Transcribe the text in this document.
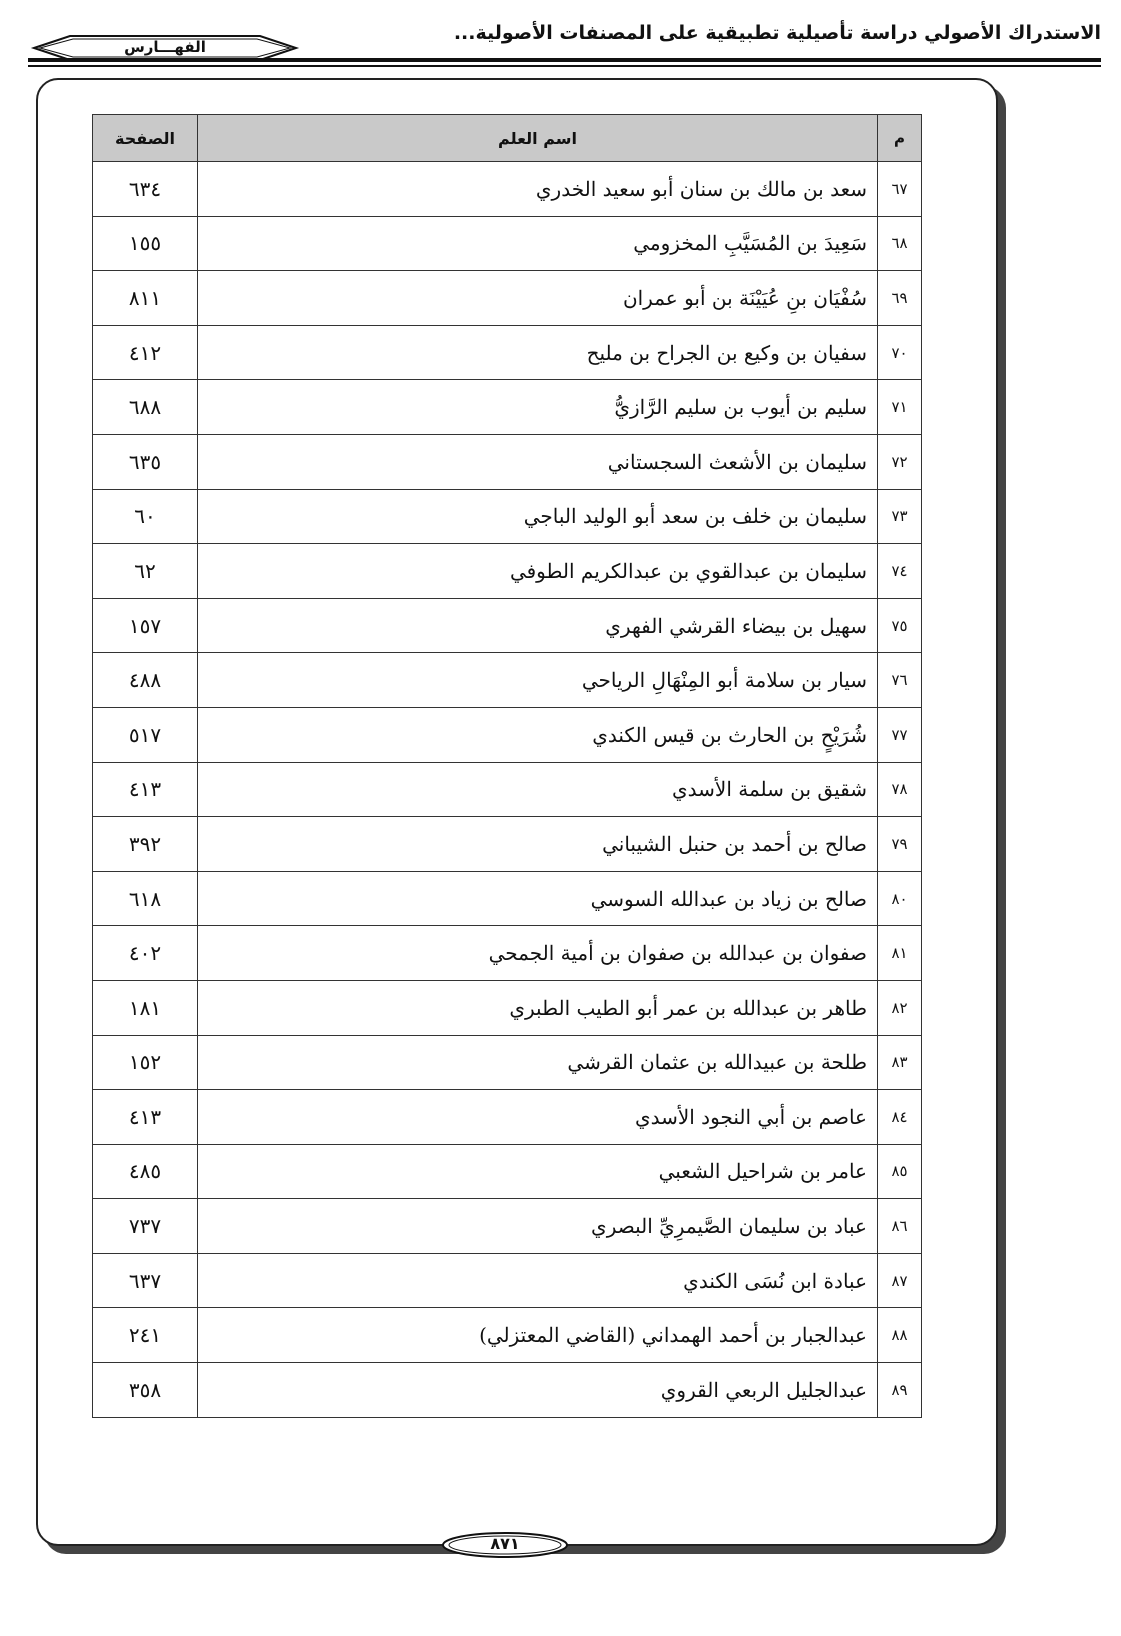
الاستدراك الأصولي دراسة تأصيلية تطبيقية على المصنفات الأصولية...
الفهـــارس
م	اسم العلم	الصفحة
٦٧	سعد بن مالك بن سنان أبو سعيد الخدري	٦٣٤
٦٨	سَعِيدَ بن المُسَيَّبِ المخزومي	١٥٥
٦٩	سُفْيَان بنِ عُيَيْنَة بن أبو عمران	٨١١
٧٠	سفيان بن وكيع بن الجراح بن مليح	٤١٢
٧١	سليم بن أيوب بن سليم الرَّازيُّ	٦٨٨
٧٢	سليمان بن الأشعث السجستاني	٦٣٥
٧٣	سليمان بن خلف بن سعد أبو الوليد الباجي	٦٠
٧٤	سليمان بن عبدالقوي بن عبدالكريم الطوفي	٦٢
٧٥	سهيل بن بيضاء القرشي الفهري	١٥٧
٧٦	سيار بن سلامة أبو المِنْهَالِ الرياحي	٤٨٨
٧٧	شُرَيْحٍ بن الحارث بن قيس الكندي	٥١٧
٧٨	شقيق بن سلمة الأسدي	٤١٣
٧٩	صالح بن أحمد بن حنبل الشيباني	٣٩٢
٨٠	صالح بن زياد بن عبدالله السوسي	٦١٨
٨١	صفوان بن عبدالله بن صفوان بن أمية الجمحي	٤٠٢
٨٢	طاهر بن عبدالله بن عمر أبو الطيب الطبري	١٨١
٨٣	طلحة بن عبيدالله بن عثمان القرشي	١٥٢
٨٤	عاصم بن أبي النجود الأسدي	٤١٣
٨٥	عامر بن شراحيل الشعبي	٤٨٥
٨٦	عباد بن سليمان الصَّيمرِيِّ البصري	٧٣٧
٨٧	عبادة ابن نُسَى الكندي	٦٣٧
٨٨	عبدالجبار بن أحمد الهمداني (القاضي المعتزلي)	٢٤١
٨٩	عبدالجليل الربعي القروي	٣٥٨
٨٧١
